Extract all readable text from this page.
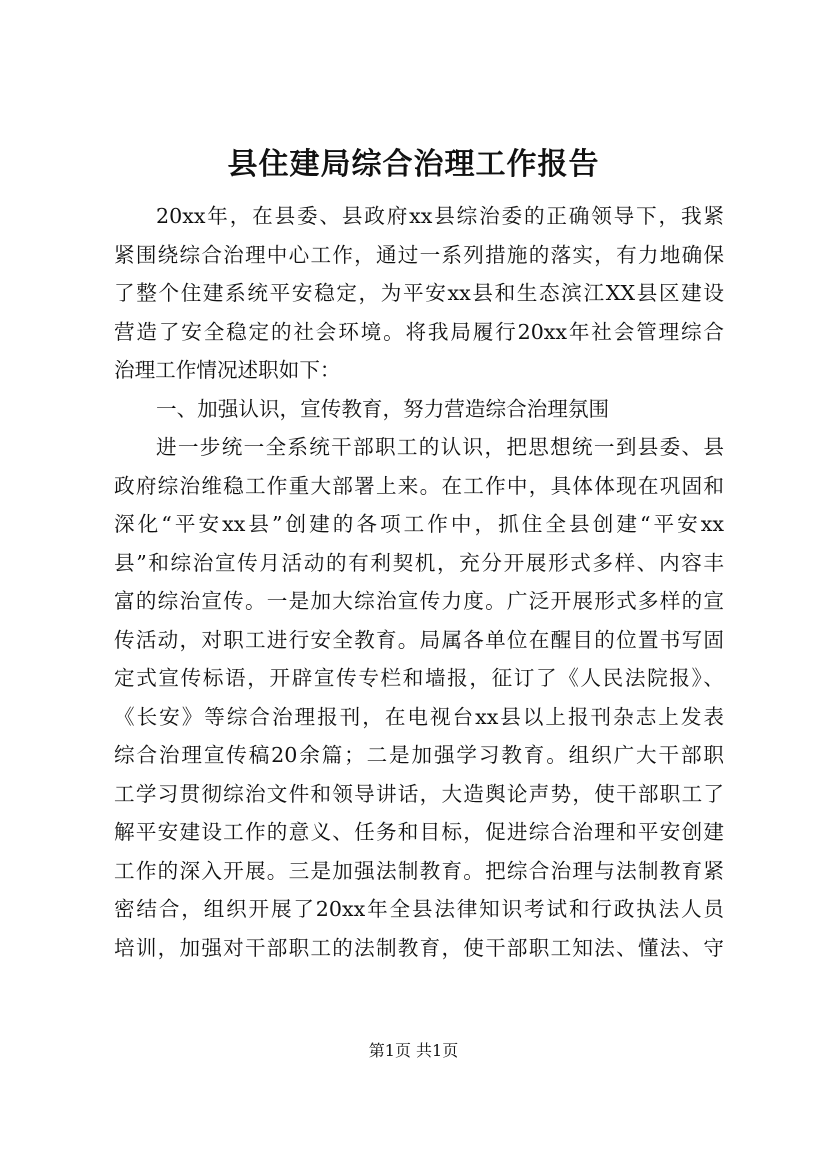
县住建局综合治理工作报告
20xx年，在县委、县政府xx县综治委的正确领导下，我紧
紧围绕综合治理中心工作，通过一系列措施的落实，有力地确保
了整个住建系统平安稳定，为平安xx县和生态滨江XX县区建设
营造了安全稳定的社会环境。将我局履行20xx年社会管理综合
治理工作情况述职如下：
一、加强认识，宣传教育，努力营造综合治理氛围
进一步统一全系统干部职工的认识，把思想统一到县委、县
政府综治维稳工作重大部署上来。在工作中，具体体现在巩固和
深化“平安xx县”创建的各项工作中，抓住全县创建“平安xx
县”和综治宣传月活动的有利契机，充分开展形式多样、内容丰
富的综治宣传。一是加大综治宣传力度。广泛开展形式多样的宣
传活动，对职工进行安全教育。局属各单位在醒目的位置书写固
定式宣传标语，开辟宣传专栏和墙报，征订了《人民法院报》、
《长安》等综合治理报刊，在电视台xx县以上报刊杂志上发表
综合治理宣传稿20余篇；二是加强学习教育。组织广大干部职
工学习贯彻综治文件和领导讲话，大造舆论声势，使干部职工了
解平安建设工作的意义、任务和目标，促进综合治理和平安创建
工作的深入开展。三是加强法制教育。把综合治理与法制教育紧
密结合，组织开展了20xx年全县法律知识考试和行政执法人员
培训，加强对干部职工的法制教育，使干部职工知法、懂法、守
第1页 共1页
